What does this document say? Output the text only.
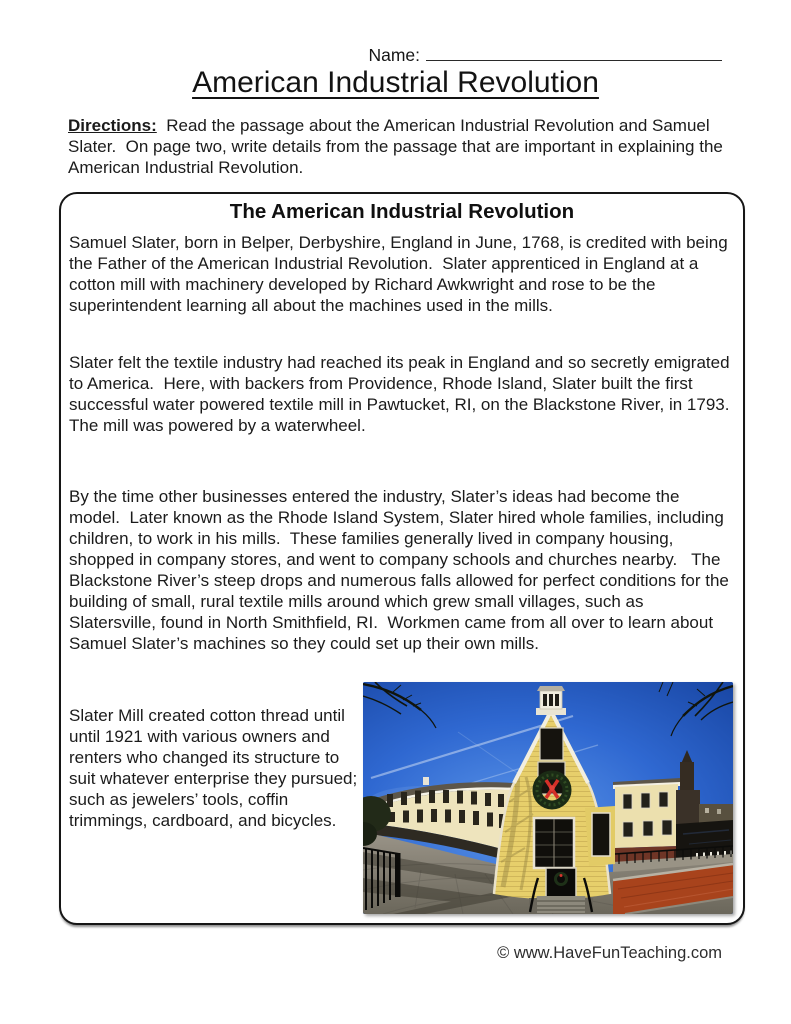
Name:
American Industrial Revolution

Directions:  Read the passage about the American Industrial Revolution and Samuel Slater.  On page two, write details from the passage that are important in explaining the American Industrial Revolution.

The American Industrial Revolution

Samuel Slater, born in Belper, Derbyshire, England in June, 1768, is credited with being the Father of the American Industrial Revolution.  Slater apprenticed in England at a cotton mill with machinery developed by Richard Awkwright and rose to be the superintendent learning all about the machines used in the mills.

Slater felt the textile industry had reached its peak in England and so secretly emigrated to America.  Here, with backers from Providence, Rhode Island, Slater built the first successful water powered textile mill in Pawtucket, RI, on the Blackstone River, in 1793.  The mill was powered by a waterwheel.

By the time other businesses entered the industry, Slater’s ideas had become the model.  Later known as the Rhode Island System, Slater hired whole families, including children, to work in his mills.  These families generally lived in company housing, shopped in company stores, and went to company schools and churches nearby.   The Blackstone River’s steep drops and numerous falls allowed for perfect conditions for the building of small, rural textile mills around which grew small villages, such as Slatersville, found in North Smithfield, RI.  Workmen came from all over to learn about Samuel Slater’s machines so they could set up their own mills.

Slater Mill created cotton thread until until 1921 with various owners and renters who changed its structure to suit whatever enterprise they pursued; such as jewelers’ tools, coffin trimmings, cardboard, and bicycles.

© www.HaveFunTeaching.com
